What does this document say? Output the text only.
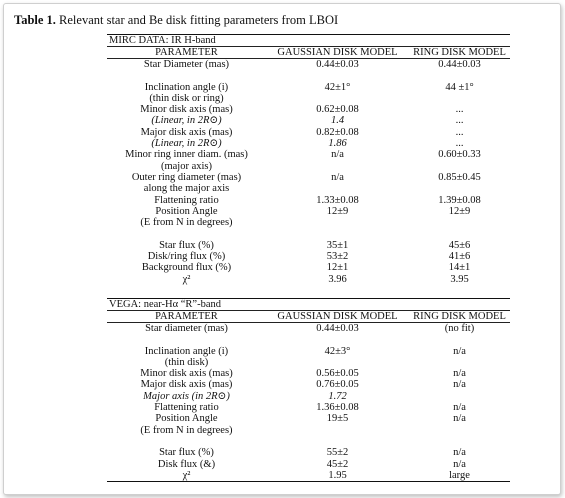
Table 1. Relevant star and Be disk fitting parameters from LBOI
MIRC DATA: IR H-band
PARAMETER	GAUSSIAN DISK MODEL	RING DISK MODEL
Star Diameter (mas)	0.44±0.03	0.44±0.03
Inclination angle (i)	42±1°	44 ±1°
(thin disk or ring)
Minor disk axis (mas)	0.62±0.08	...
(Linear, in 2R⊙)	1.4	...
Major disk axis (mas)	0.82±0.08	...
(Linear, in 2R⊙)	1.86	...
Minor ring inner diam. (mas)	n/a	0.60±0.33
(major axis)
Outer ring diameter (mas)	n/a	0.85±0.45
along the major axis
Flattening ratio	1.33±0.08	1.39±0.08
Position Angle	12±9	12±9
(E from N in degrees)
Star flux (%)	35±1	45±6
Disk/ring flux (%)	53±2	41±6
Background flux (%)	12±1	14±1
χ²	3.96	3.95
VEGA: near-Hα “R”-band
PARAMETER	GAUSSIAN DISK MODEL	RING DISK MODEL
Star diameter (mas)	0.44±0.03	(no fit)
Inclination angle (i)	42±3°	n/a
(thin disk)
Minor disk axis (mas)	0.56±0.05	n/a
Major disk axis (mas)	0.76±0.05	n/a
Major axis (in 2R⊙)	1.72
Flattening ratio	1.36±0.08	n/a
Position Angle	19±5	n/a
(E from N in degrees)
Star flux (%)	55±2	n/a
Disk flux (&)	45±2	n/a
χ²	1.95	large
